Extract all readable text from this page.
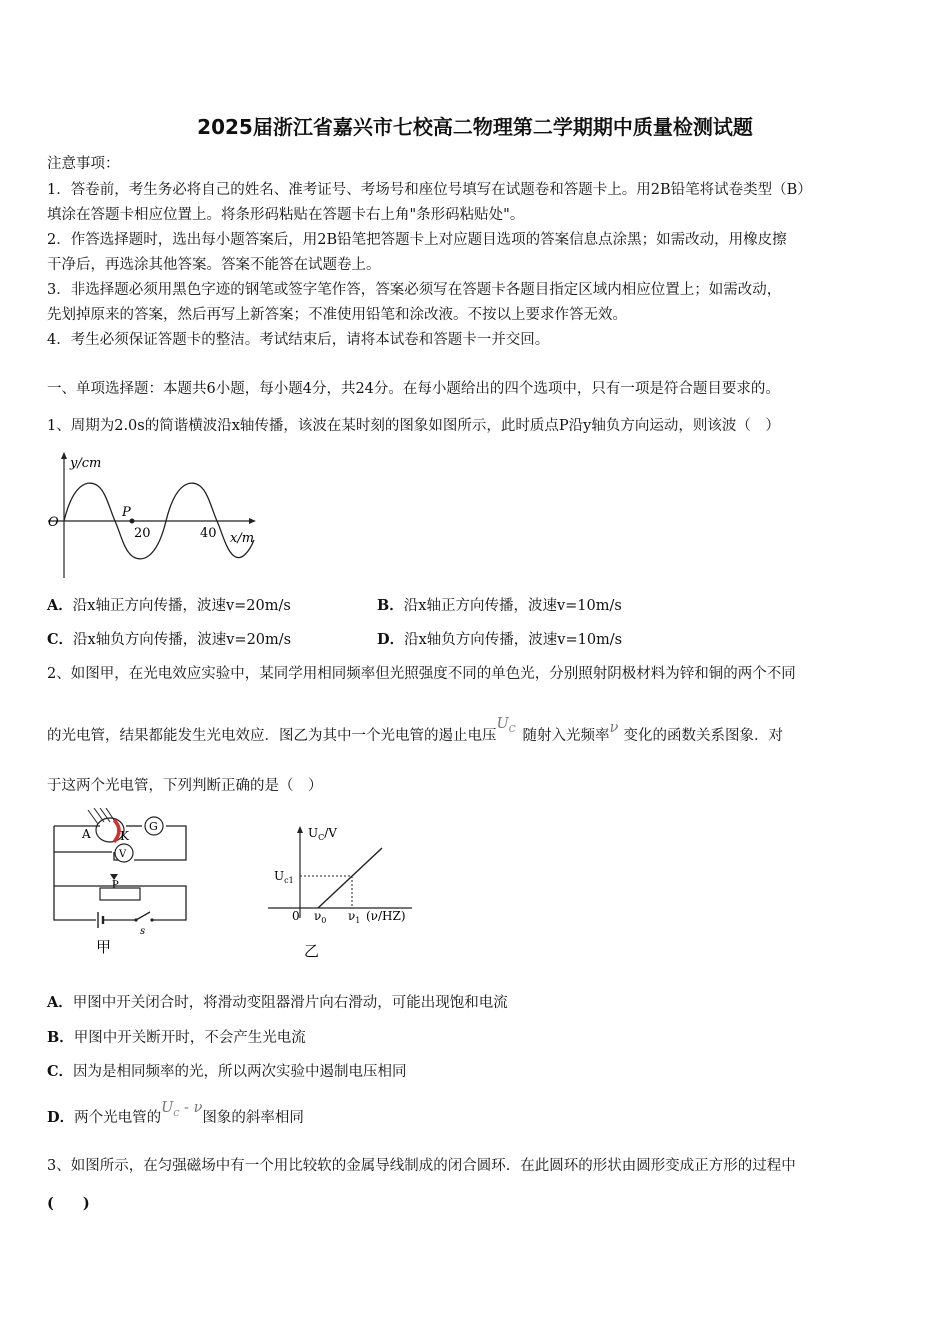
2025届浙江省嘉兴市七校高二物理第二学期期中质量检测试题
注意事项：
1．答卷前，考生务必将自己的姓名、准考证号、考场号和座位号填写在试题卷和答题卡上。用2B铅笔将试卷类型（B）
填涂在答题卡相应位置上。将条形码粘贴在答题卡右上角"条形码粘贴处"。
2．作答选择题时，选出每小题答案后，用2B铅笔把答题卡上对应题目选项的答案信息点涂黑；如需改动，用橡皮擦
干净后，再选涂其他答案。答案不能答在试题卷上。
3．非选择题必须用黑色字迹的钢笔或签字笔作答，答案必须写在答题卡各题目指定区域内相应位置上；如需改动，
先划掉原来的答案，然后再写上新答案；不准使用铅笔和涂改液。不按以上要求作答无效。
4．考生必须保证答题卡的整洁。考试结束后，请将本试卷和答题卡一并交回。
一、单项选择题：本题共6小题，每小题4分，共24分。在每小题给出的四个选项中，只有一项是符合题目要求的。
1、周期为2.0s的简谐横波沿x轴传播，该波在某时刻的图象如图所示，此时质点P沿y轴负方向运动，则该波（　）
y/cm
O
P
20	40 x/m
A．沿x轴正方向传播，波速v=20m/s	B．沿x轴正方向传播，波速v=10m/s
C．沿x轴负方向传播，波速v=20m/s	D．沿x轴负方向传播，波速v=10m/s
2、如图甲，在光电效应实验中，某同学用相同频率但光照强度不同的单色光，分别照射阴极材料为锌和铜的两个不同
的光电管，结果都能发生光电效应．图乙为其中一个光电管的遏止电压$U_C$ 随射入光频率ν 变化的函数关系图象．对
于这两个光电管，下列判断正确的是（　）
A K
G
V
P
s
甲
$U_C/V$
$U_{c1}$
0 $\nu_0$ $\nu_1$ (ν/HZ)
乙
A．甲图中开关闭合时，将滑动变阻器滑片向右滑动，可能出现饱和电流
B．甲图中开关断开时，不会产生光电流
C．因为是相同频率的光，所以两次实验中遏制电压相同
D．两个光电管的$U_C$ - ν图象的斜率相同
3、如图所示，在匀强磁场中有一个用比较软的金属导线制成的闭合圆环．在此圆环的形状由圆形变成正方形的过程中
(　　)
